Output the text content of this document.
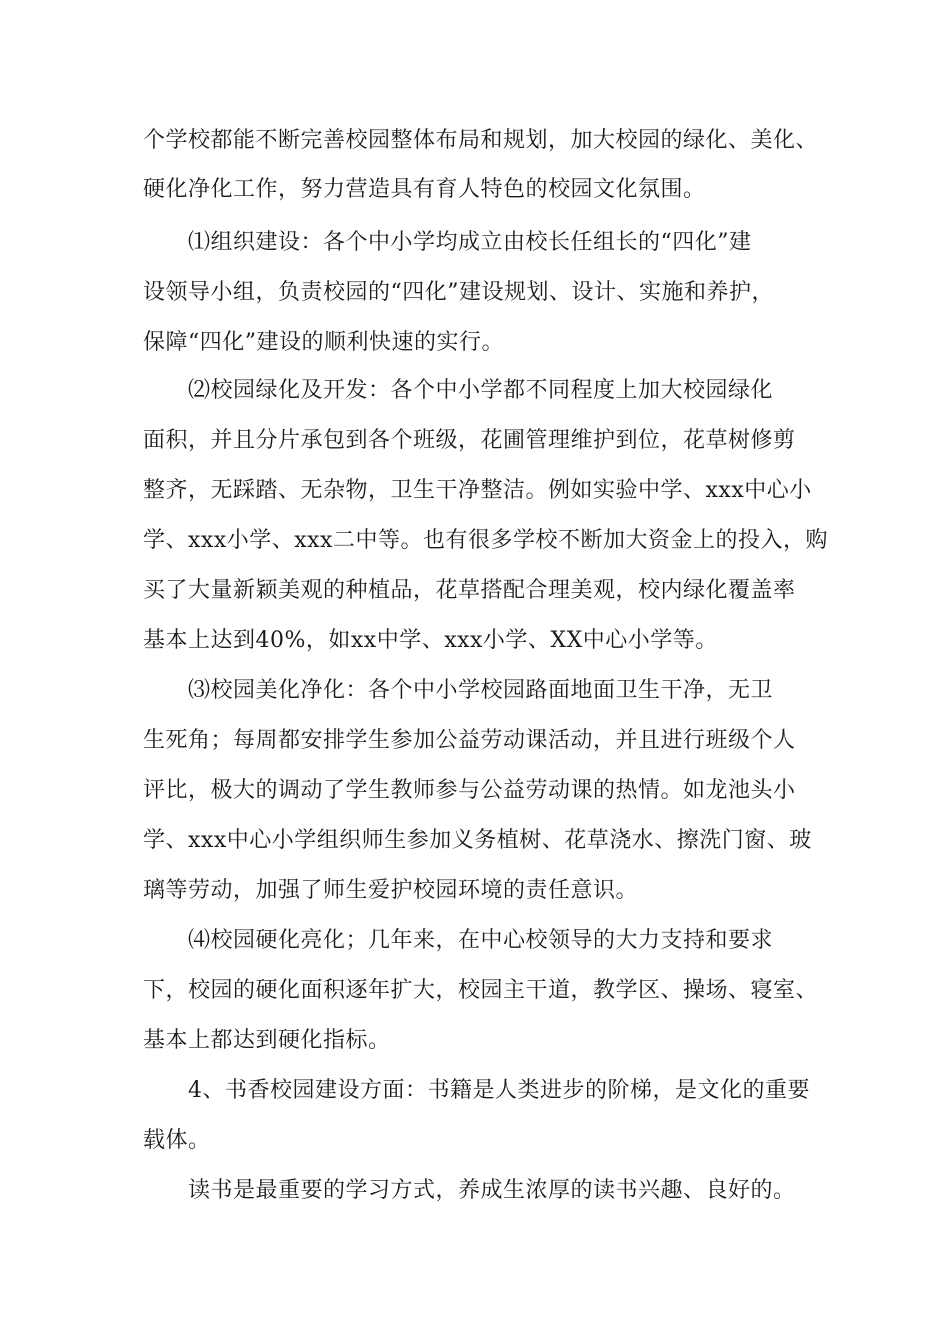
个学校都能不断完善校园整体布局和规划，加大校园的绿化、美化、
硬化净化工作，努力营造具有育人特色的校园文化氛围。
⑴组织建设：各个中小学均成立由校长任组长的“四化”建
设领导小组，负责校园的“四化”建设规划、设计、实施和养护，
保障“四化”建设的顺利快速的实行。
⑵校园绿化及开发：各个中小学都不同程度上加大校园绿化
面积，并且分片承包到各个班级，花圃管理维护到位，花草树修剪
整齐，无踩踏、无杂物，卫生干净整洁。例如实验中学、xxx中心小
学、xxx小学、xxx二中等。也有很多学校不断加大资金上的投入，购
买了大量新颖美观的种植品，花草搭配合理美观，校内绿化覆盖率
基本上达到40%，如xx中学、xxx小学、XX中心小学等。
⑶校园美化净化：各个中小学校园路面地面卫生干净，无卫
生死角；每周都安排学生参加公益劳动课活动，并且进行班级个人
评比，极大的调动了学生教师参与公益劳动课的热情。如龙池头小
学、xxx中心小学组织师生参加义务植树、花草浇水、擦洗门窗、玻
璃等劳动，加强了师生爱护校园环境的责任意识。
⑷校园硬化亮化；几年来，在中心校领导的大力支持和要求
下，校园的硬化面积逐年扩大，校园主干道，教学区、操场、寝室、
基本上都达到硬化指标。
4、书香校园建设方面：书籍是人类进步的阶梯，是文化的重要
载体。
读书是最重要的学习方式，养成生浓厚的读书兴趣、良好的。
